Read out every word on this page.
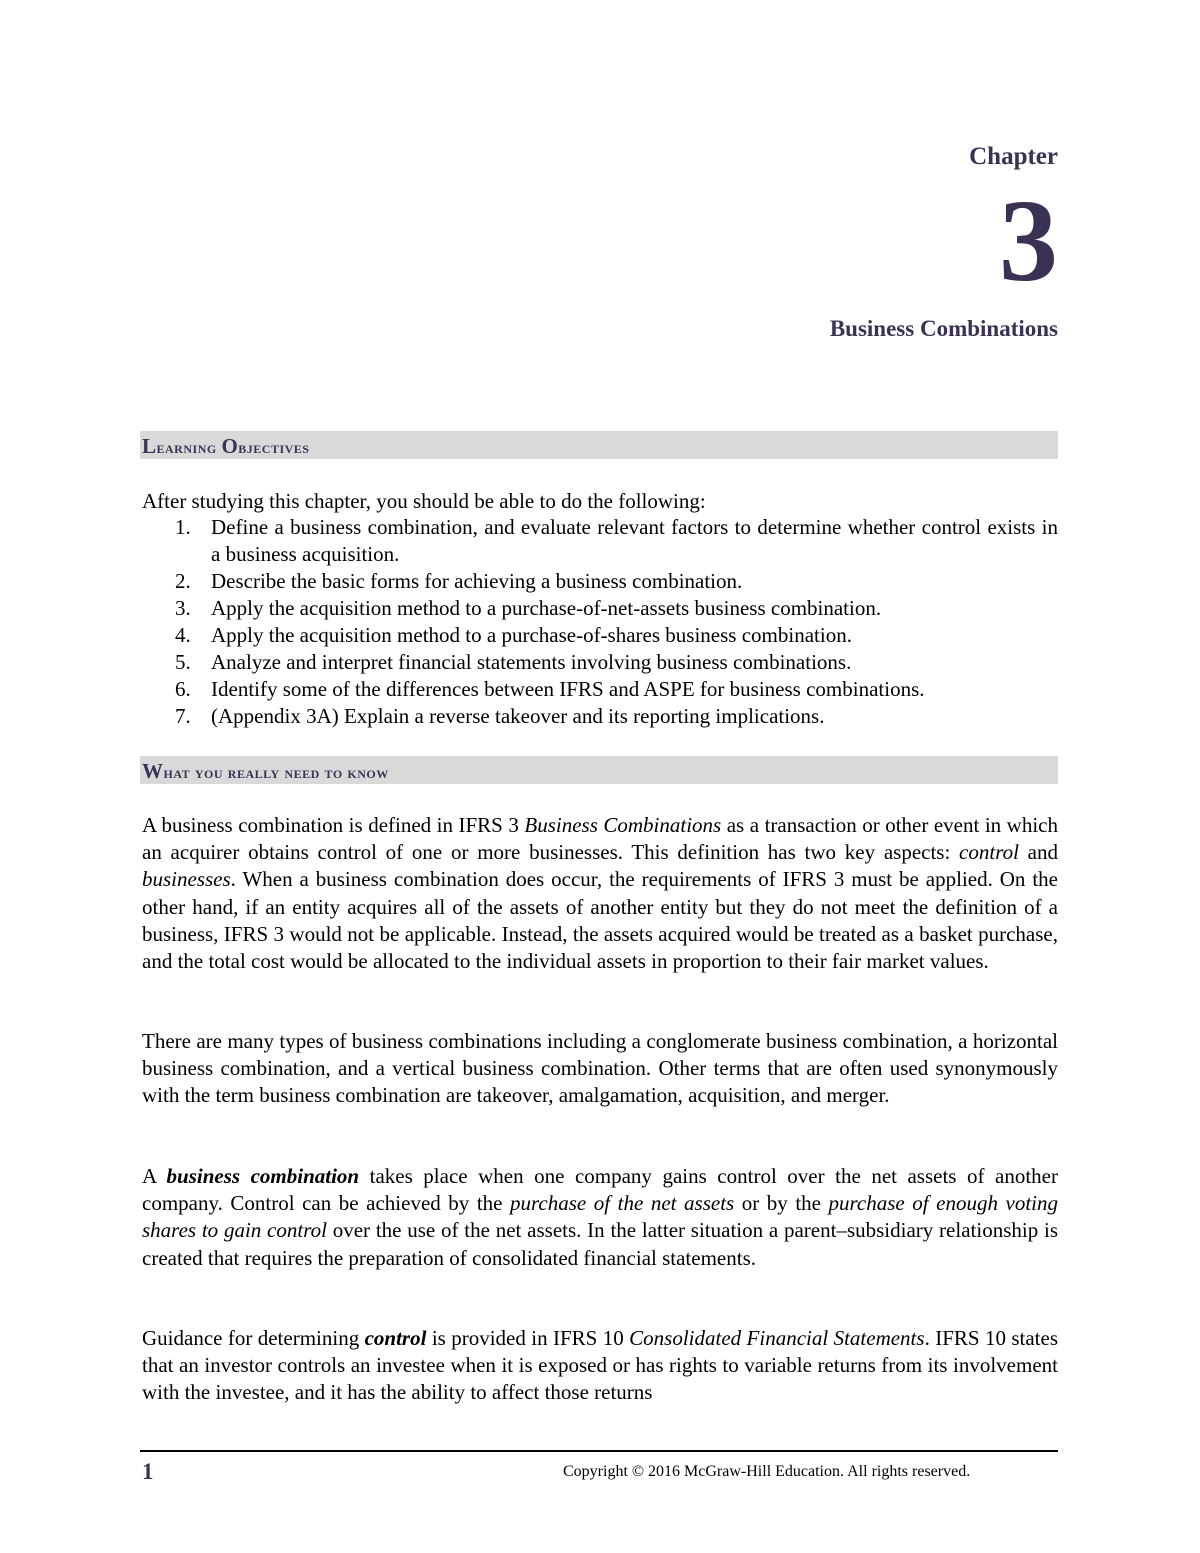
Chapter

3

Business Combinations

Learning Objectives

After studying this chapter, you should be able to do the following:

1. Define a business combination, and evaluate relevant factors to determine whether control exists in a business acquisition.
2. Describe the basic forms for achieving a business combination.
3. Apply the acquisition method to a purchase-of-net-assets business combination.
4. Apply the acquisition method to a purchase-of-shares business combination.
5. Analyze and interpret financial statements involving business combinations.
6. Identify some of the differences between IFRS and ASPE for business combinations.
7. (Appendix 3A) Explain a reverse takeover and its reporting implications.
What you really need to know

A business combination is defined in IFRS 3 Business Combinations as a transaction or other event in which an acquirer obtains control of one or more businesses. This definition has two key aspects: control and businesses. When a business combination does occur, the requirements of IFRS 3 must be applied. On the other hand, if an entity acquires all of the assets of another entity but they do not meet the definition of a business, IFRS 3 would not be applicable. Instead, the assets acquired would be treated as a basket purchase, and the total cost would be allocated to the individual assets in proportion to their fair market values.

There are many types of business combinations including a conglomerate business combination, a horizontal business combination, and a vertical business combination. Other terms that are often used synonymously with the term business combination are takeover, amalgamation, acquisition, and merger.

A business combination takes place when one company gains control over the net assets of another company. Control can be achieved by the purchase of the net assets or by the purchase of enough voting shares to gain control over the use of the net assets. In the latter situation a parent–subsidiary relationship is created that requires the preparation of consolidated financial statements.

Guidance for determining control is provided in IFRS 10 Consolidated Financial Statements. IFRS 10 states that an investor controls an investee when it is exposed or has rights to variable returns from its involvement with the investee, and it has the ability to affect those returns

1	Copyright © 2016 McGraw-Hill Education. All rights reserved.
